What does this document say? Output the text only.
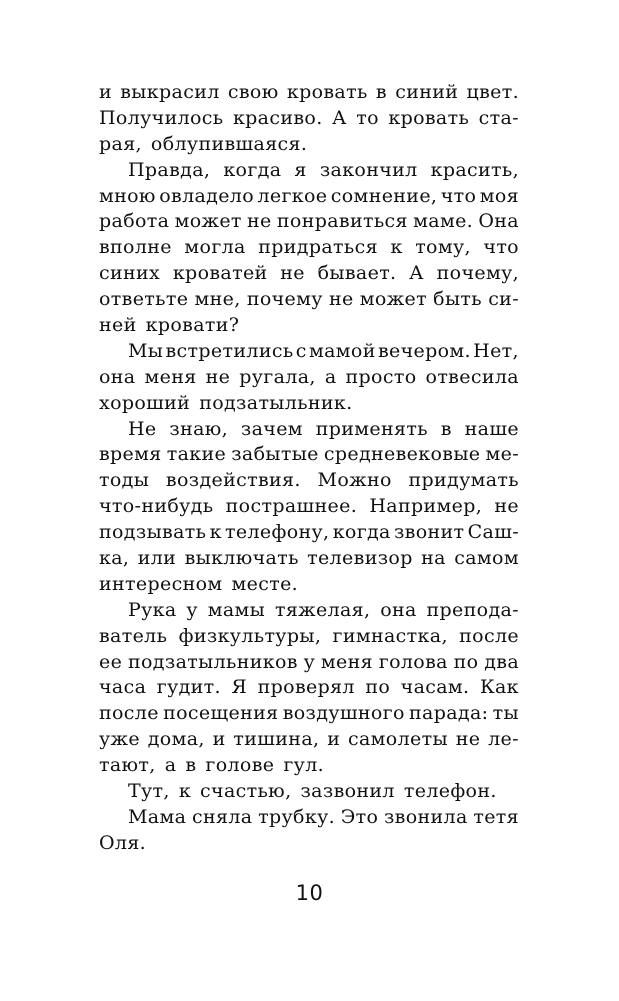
и выкрасил свою кровать в синий цвет.
Получилось красиво. А то кровать ста-
рая, облупившаяся.
Правда, когда я закончил красить,
мною овладело легкое сомнение, что моя
работа может не понравиться маме. Она
вполне могла придраться к тому, что
синих кроватей не бывает. А почему,
ответьте мне, почему не может быть си-
ней кровати?
Мы встретились с мамой вечером. Нет,
она меня не ругала, а просто отвесила
хороший подзатыльник.
Не знаю, зачем применять в наше
время такие забытые средневековые ме-
тоды воздействия. Можно придумать
что-нибудь пострашнее. Например, не
подзывать к телефону, когда звонит Саш-
ка, или выключать телевизор на самом
интересном месте.
Рука у мамы тяжелая, она препода-
ватель физкультуры, гимнастка, после
ее подзатыльников у меня голова по два
часа гудит. Я проверял по часам. Как
после посещения воздушного парада: ты
уже дома, и тишина, и самолеты не ле-
тают, а в голове гул.
Тут, к счастью, зазвонил телефон.
Мама сняла трубку. Это звонила тетя
Оля.
10
